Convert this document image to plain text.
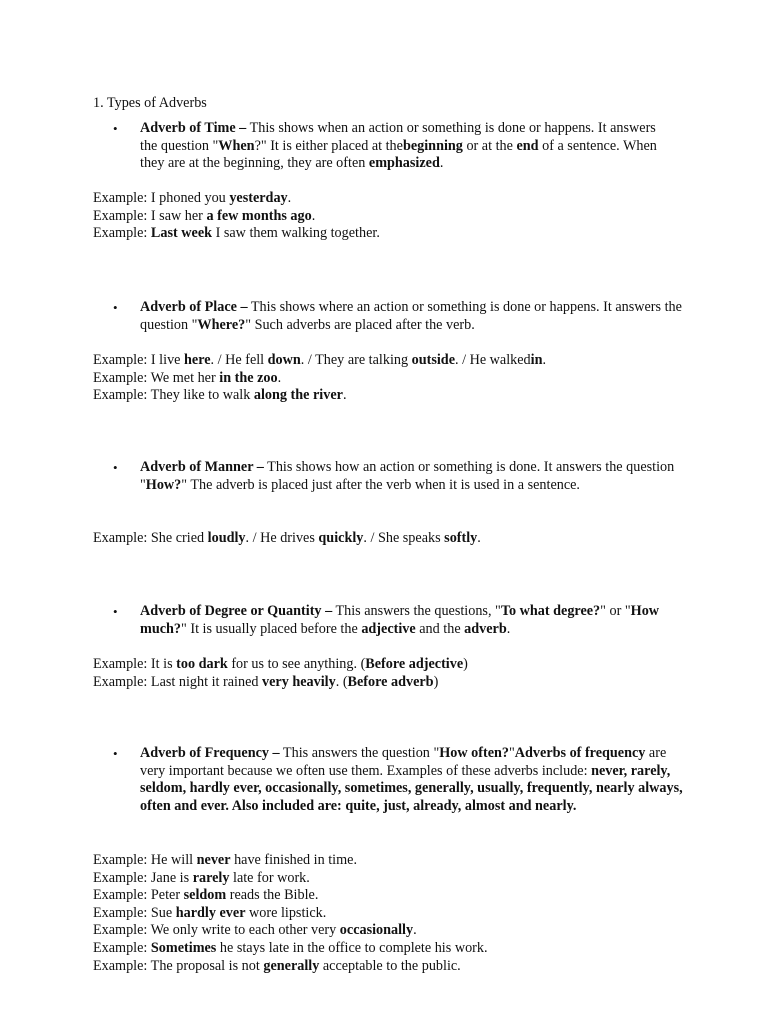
1. Types of Adverbs
• Adverb of Time – This shows when an action or something is done or happens. It answers the question "When?" It is either placed at thebeginning or at the end of a sentence. When they are at the beginning, they are often emphasized.
Example: I phoned you yesterday.
Example: I saw her a few months ago.
Example: Last week I saw them walking together.
• Adverb of Place – This shows where an action or something is done or happens. It answers the question "Where?" Such adverbs are placed after the verb.
Example: I live here. / He fell down. / They are talking outside. / He walkedin.
Example: We met her in the zoo.
Example: They like to walk along the river.
• Adverb of Manner – This shows how an action or something is done. It answers the question "How?" The adverb is placed just after the verb when it is used in a sentence.
Example: She cried loudly. / He drives quickly. / She speaks softly.
• Adverb of Degree or Quantity – This answers the questions, "To what degree?" or "How much?" It is usually placed before the adjective and the adverb.
Example: It is too dark for us to see anything. (Before adjective)
Example: Last night it rained very heavily. (Before adverb)
• Adverb of Frequency – This answers the question "How often?"Adverbs of frequency are very important because we often use them. Examples of these adverbs include: never, rarely, seldom, hardly ever, occasionally, sometimes, generally, usually, frequently, nearly always, often and ever. Also included are: quite, just, already, almost and nearly.
Example: He will never have finished in time.
Example: Jane is rarely late for work.
Example: Peter seldom reads the Bible.
Example: Sue hardly ever wore lipstick.
Example: We only write to each other very occasionally.
Example: Sometimes he stays late in the office to complete his work.
Example: The proposal is not generally acceptable to the public.
